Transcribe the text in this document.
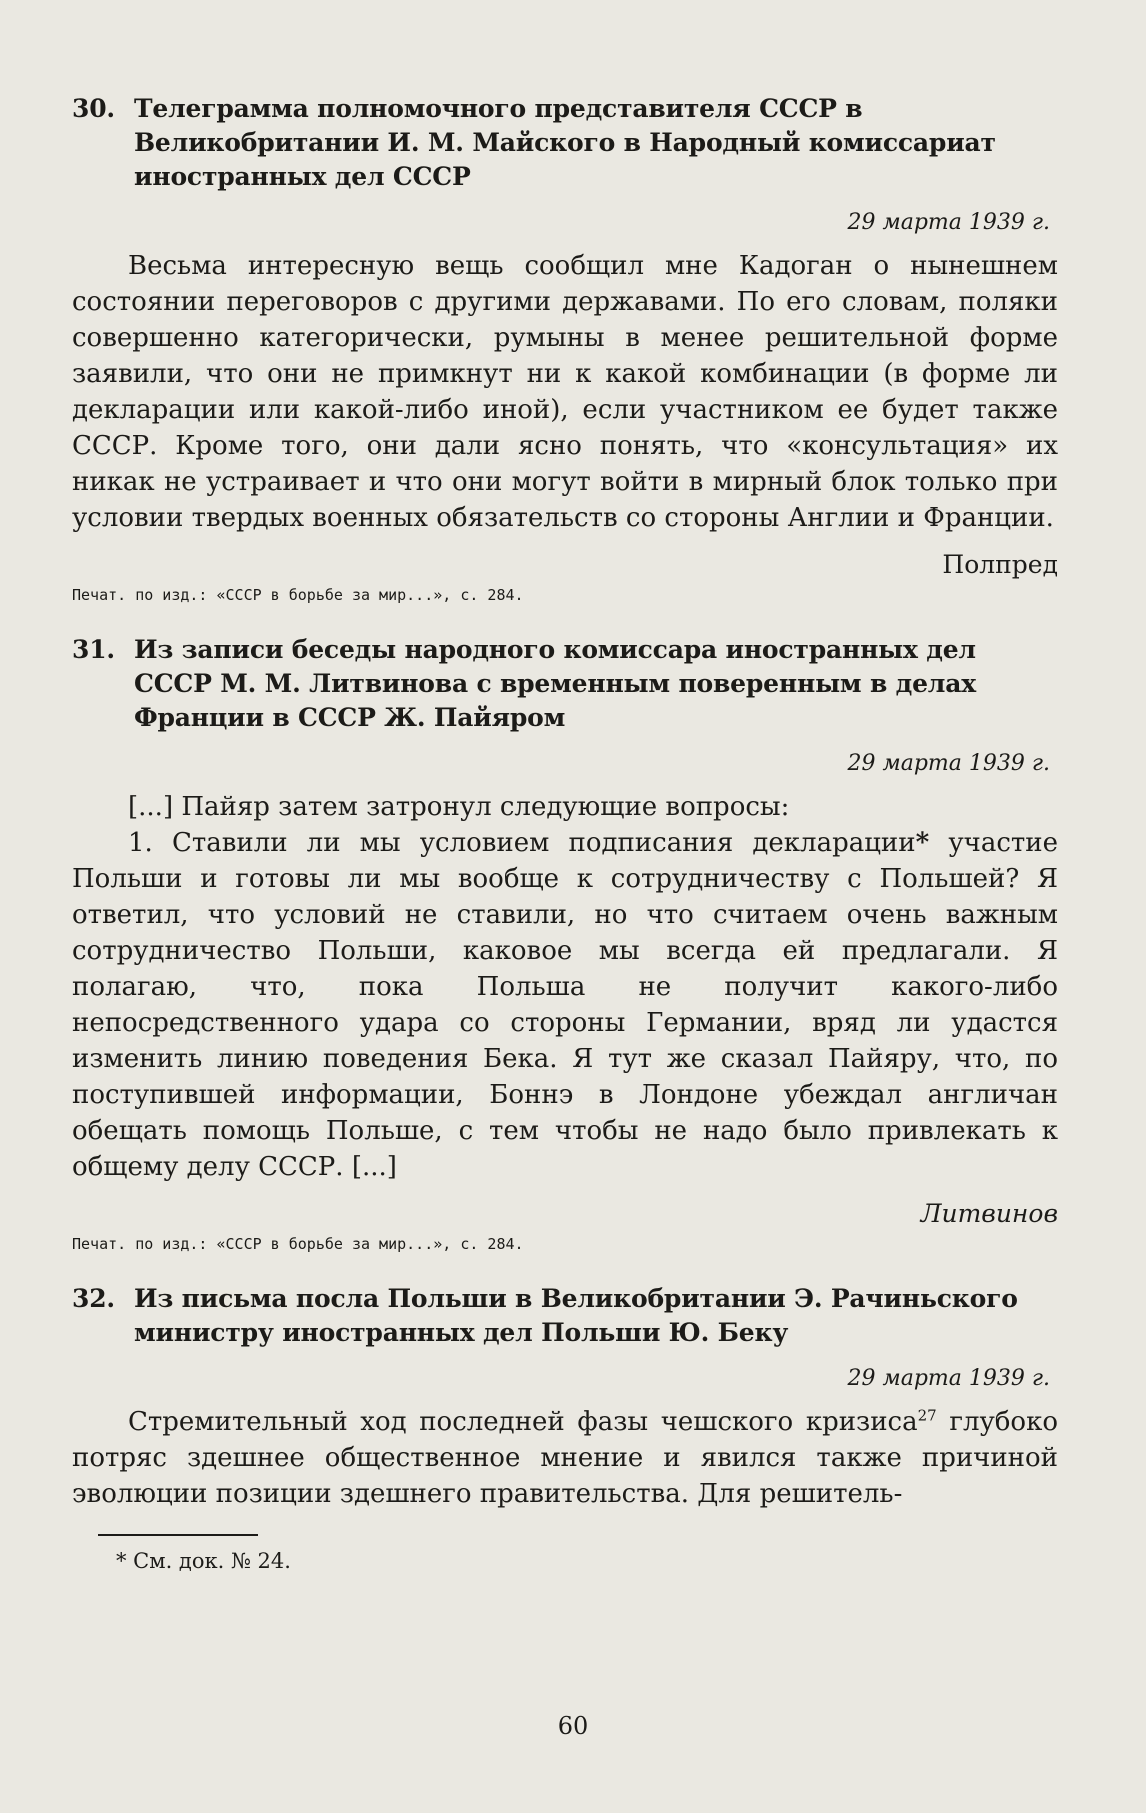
30. Телеграмма полномочного представителя СССР в Великобритании И. М. Майского в Народный комиссариат иностранных дел СССР
29 марта 1939 г.

Весьма интересную вещь сообщил мне Кадоган о нынешнем состоянии переговоров с другими державами. По его словам, поляки совершенно категорически, румыны в менее решительной форме заявили, что они не примкнут ни к какой комбинации (в форме ли декларации или какой-либо иной), если участником ее будет также СССР. Кроме того, они дали ясно понять, что «консультация» их никак не устраивает и что они могут войти в мирный блок только при условии твердых военных обязательств со стороны Англии и Франции.

Полпред
Печат. по изд.: «СССР в борьбе за мир...», с. 284.
31. Из записи беседы народного комиссара иностранных дел СССР М. М. Литвинова с временным поверенным в делах Франции в СССР Ж. Пайяром
29 марта 1939 г.

[...] Пайяр затем затронул следующие вопросы:

1. Ставили ли мы условием подписания декларации* участие Польши и готовы ли мы вообще к сотрудничеству с Польшей? Я ответил, что условий не ставили, но что считаем очень важным сотрудничество Польши, каковое мы всегда ей предлагали. Я полагаю, что, пока Польша не получит какого-либо непосредственного удара со стороны Германии, вряд ли удастся изменить линию поведения Бека. Я тут же сказал Пайяру, что, по поступившей информации, Боннэ в Лондоне убеждал англичан обещать помощь Польше, с тем чтобы не надо было привлекать к общему делу СССР. [...]

Литвинов
Печат. по изд.: «СССР в борьбе за мир...», с. 284.
32. Из письма посла Польши в Великобритании Э. Рачиньского министру иностранных дел Польши Ю. Беку
29 марта 1939 г.

Стремительный ход последней фазы чешского кризиса$^{27}$ глубоко потряс здешнее общественное мнение и явился также причиной эволюции позиции здешнего правительства. Для решитель-

* См. док. № 24.
60
